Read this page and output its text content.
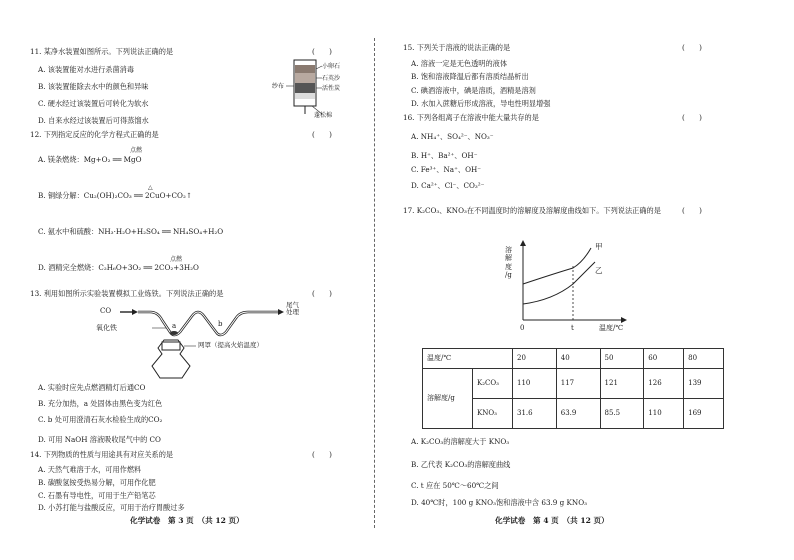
11. 某净水装置如图所示。下列说法正确的是	(　　)
A. 该装置能对水进行杀菌消毒
B. 该装置能除去水中的颜色和异味
C. 硬水经过该装置后可转化为软水
D. 自来水经过该装置后可得蒸馏水
小卵石
石英沙
活性炭
蓬松棉
纱布
12. 下列指定反应的化学方程式正确的是	(　　)
点燃
A. 镁条燃烧：Mg+O₂ ══ MgO
△
B. 铜绿分解：Cu₂(OH)₂CO₃ ══ 2CuO+CO₂↑
C. 氨水中和硫酸：NH₃·H₂O+H₂SO₄ ══ NH₄SO₄+H₂O
点燃
D. 酒精完全燃烧：C₂H₆O+3O₂ ══ 2CO₂+3H₂O
13. 利用如图所示实验装置模拟工业炼铁。下列说法正确的是	(　　)
CO
尾气
处理
氧化铁	a	b
网罩（提高火焰温度）
A. 实验时应先点燃酒精灯后通CO
B. 充分加热，a 处固体由黑色变为红色
C. b 处可用澄清石灰水检验生成的CO₂
D. 可用 NaOH 溶液吸收尾气中的 CO
14. 下列物质的性质与用途具有对应关系的是	(　　)
A. 天然气难溶于水，可用作燃料
B. 碳酸氢铵受热易分解，可用作化肥
C. 石墨有导电性，可用于生产铅笔芯
D. 小苏打能与盐酸反应，可用于治疗胃酸过多
化学试卷　第 3 页　（共 12 页）
15. 下列关于溶液的说法正确的是	(　　)
A. 溶液一定是无色透明的液体
B. 饱和溶液降温后都有溶质结晶析出
C. 碘酒溶液中，碘是溶质，酒精是溶剂
D. 水加入蔗糖后形成溶液，导电性明显增强
16. 下列各组离子在溶液中能大量共存的是	(　　)
A. NH₄⁺、SO₄²⁻、NO₃⁻
B. H⁺、Ba²⁺、OH⁻
C. Fe³⁺、Na⁺、OH⁻
D. Ca²⁺、Cl⁻、CO₃²⁻
17. K₂CO₃、KNO₃在不同温度时的溶解度及溶解度曲线如下。下列说法正确的是	(　　)
溶
解
度
/g
甲
乙
0	t	温度/℃
温度/℃		20	40	50	60	80
溶解度/g	K₂CO₃	110	117	121	126	139
	KNO₃	31.6	63.9	85.5	110	169
A. K₂CO₃的溶解度大于 KNO₃
B. 乙代表 K₂CO₃的溶解度曲线
C. t 应在 50℃～60℃之间
D. 40℃时，100 g KNO₃饱和溶液中含 63.9 g KNO₃
化学试卷　第 4 页　（共 12 页）
